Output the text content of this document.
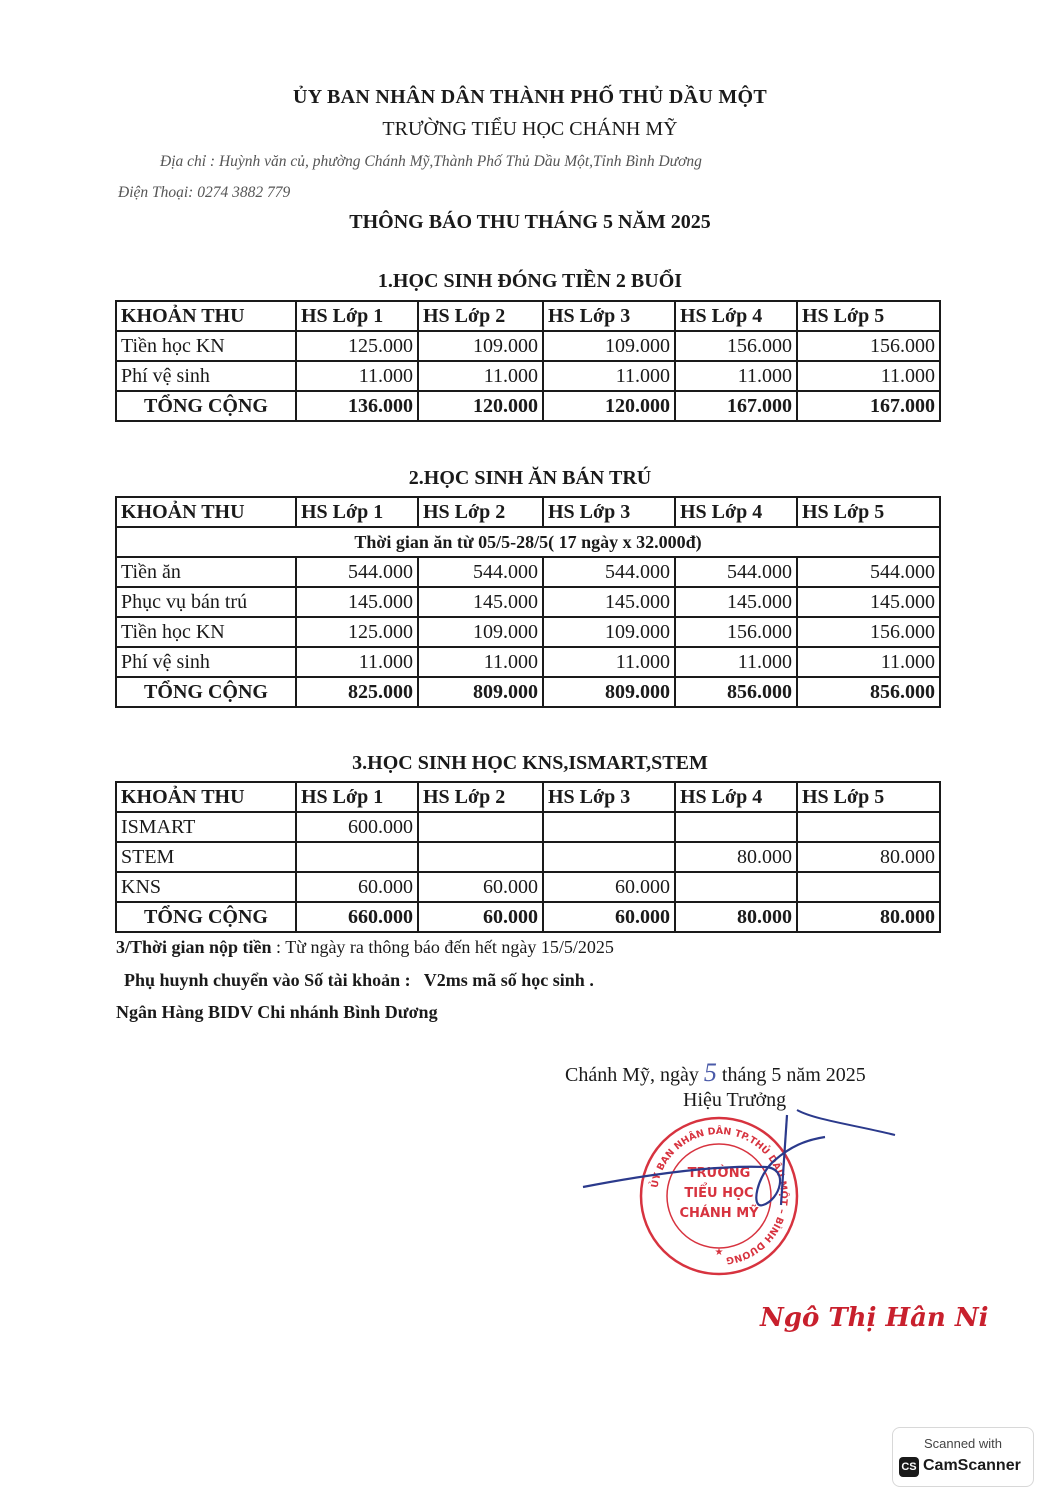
ỦY BAN NHÂN DÂN THÀNH PHỐ THỦ DẦU MỘT
TRƯỜNG TIỂU HỌC CHÁNH MỸ
Địa chỉ : Huỳnh văn củ, phường Chánh Mỹ,Thành Phố Thủ Dầu Một,Tỉnh Bình Dương
Điện Thoại: 0274 3882 779
THÔNG BÁO THU THÁNG 5 NĂM 2025
1.HỌC SINH ĐÓNG TIỀN 2 BUỔI
KHOẢN THU	HS Lớp 1	HS Lớp 2	HS Lớp 3	HS Lớp 4	HS Lớp 5
Tiền học KN	125.000	109.000	109.000	156.000	156.000
Phí vệ sinh	11.000	11.000	11.000	11.000	11.000
TỔNG CỘNG	136.000	120.000	120.000	167.000	167.000
2.HỌC SINH ĂN BÁN TRÚ
KHOẢN THU	HS Lớp 1	HS Lớp 2	HS Lớp 3	HS Lớp 4	HS Lớp 5
Thời gian ăn từ 05/5-28/5( 17 ngày x 32.000đ)					
Tiền ăn	544.000	544.000	544.000	544.000	544.000
Phục vụ bán trú	145.000	145.000	145.000	145.000	145.000
Tiền học KN	125.000	109.000	109.000	156.000	156.000
Phí vệ sinh	11.000	11.000	11.000	11.000	11.000
TỔNG CỘNG	825.000	809.000	809.000	856.000	856.000
3.HỌC SINH HỌC KNS,ISMART,STEM
KHOẢN THU	HS Lớp 1	HS Lớp 2	HS Lớp 3	HS Lớp 4	HS Lớp 5
ISMART	600.000				
STEM				80.000	80.000
KNS	60.000	60.000	60.000		
TỔNG CỘNG	660.000	60.000	60.000	80.000	80.000
3/Thời gian nộp tiền : Từ ngày ra thông báo đến hết ngày 15/5/2025
Phụ huynh chuyển vào Số tài khoản : V2ms mã số học sinh .
Ngân Hàng BIDV Chi nhánh Bình Dương
Chánh Mỹ, ngày 5 tháng 5 năm 2025
Hiệu Trưởng
ỦY BAN NHÂN DÂN TP.THỦ DẦU MỘT – BÌNH DƯƠNG
TRƯỜNG
TIỂU HỌC
CHÁNH MỸ
★
Ngô Thị Hân Ni
Scanned with
CS CamScanner
